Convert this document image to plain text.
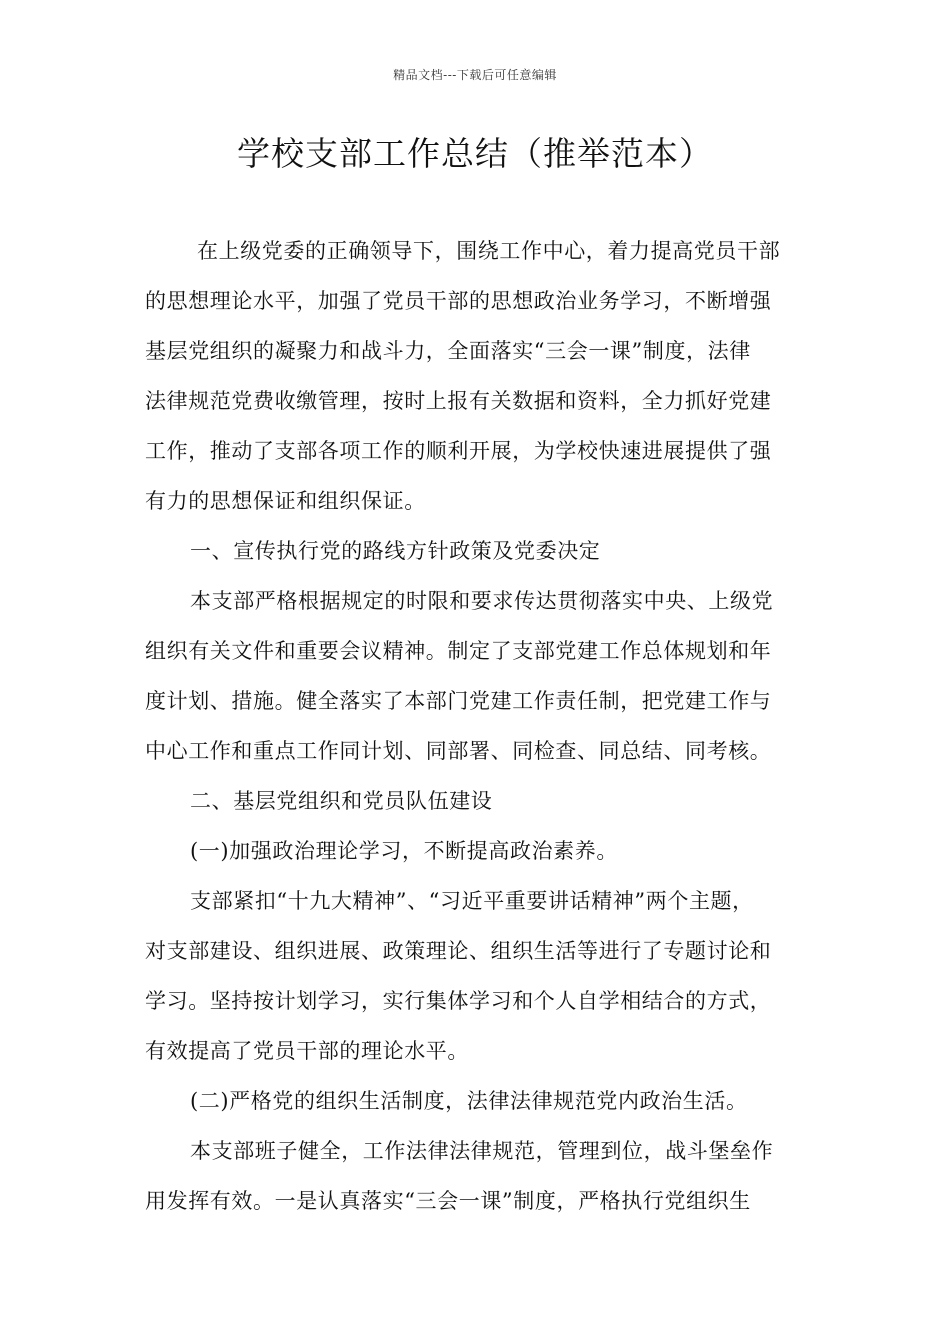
精品文档---下载后可任意编辑
学校支部工作总结（推举范本）
在上级党委的正确领导下，围绕工作中心，着力提高党员干部
的思想理论水平，加强了党员干部的思想政治业务学习，不断增强
基层党组织的凝聚力和战斗力，全面落实“三会一课”制度，法律
法律规范党费收缴管理，按时上报有关数据和资料，全力抓好党建
工作，推动了支部各项工作的顺利开展，为学校快速进展提供了强
有力的思想保证和组织保证。
一、宣传执行党的路线方针政策及党委决定
本支部严格根据规定的时限和要求传达贯彻落实中央、上级党
组织有关文件和重要会议精神。制定了支部党建工作总体规划和年
度计划、措施。健全落实了本部门党建工作责任制，把党建工作与
中心工作和重点工作同计划、同部署、同检查、同总结、同考核。
二、基层党组织和党员队伍建设
(一)加强政治理论学习，不断提高政治素养。
支部紧扣“十九大精神”、“习近平重要讲话精神”两个主题，
对支部建设、组织进展、政策理论、组织生活等进行了专题讨论和
学习。坚持按计划学习，实行集体学习和个人自学相结合的方式，
有效提高了党员干部的理论水平。
(二)严格党的组织生活制度，法律法律规范党内政治生活。
本支部班子健全，工作法律法律规范，管理到位，战斗堡垒作
用发挥有效。一是认真落实“三会一课”制度，严格执行党组织生
